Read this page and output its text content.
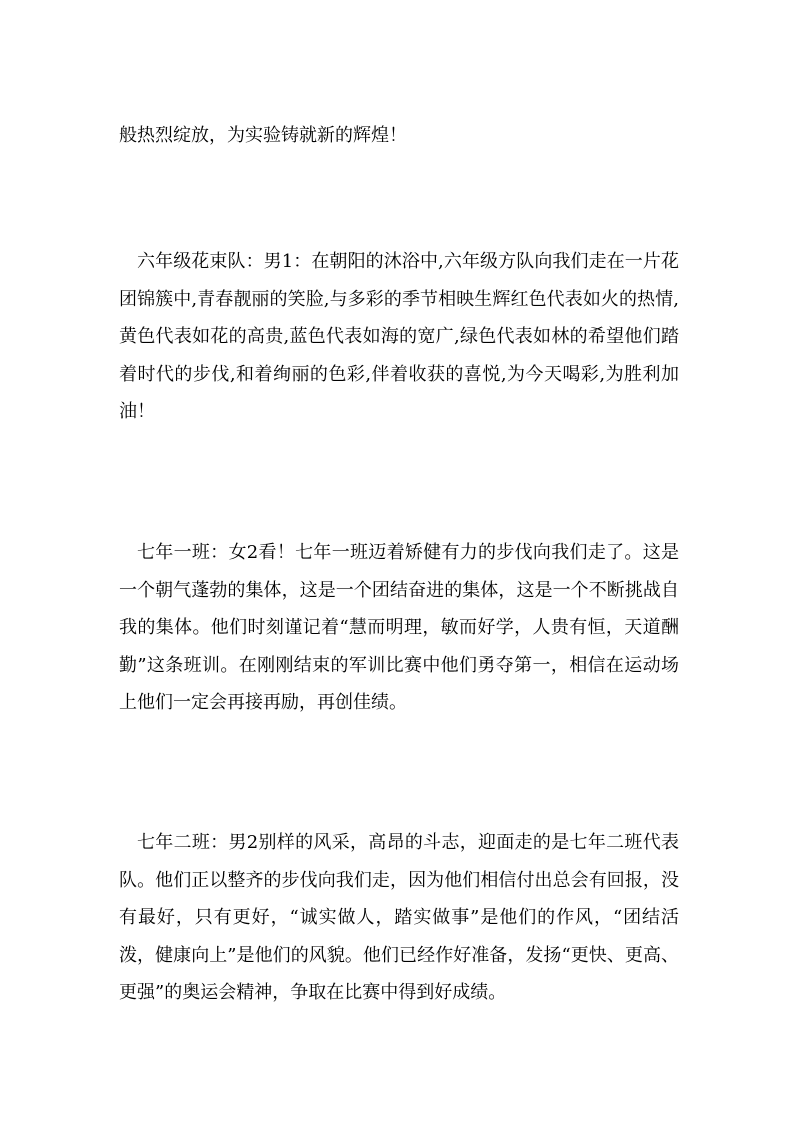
般热烈绽放，为实验铸就新的辉煌！

六年级花束队：男1：在朝阳的沐浴中,六年级方队向我们走在一片花团锦簇中,青春靓丽的笑脸,与多彩的季节相映生辉红色代表如火的热情,黄色代表如花的高贵,蓝色代表如海的宽广,绿色代表如林的希望他们踏着时代的步伐,和着绚丽的色彩,伴着收获的喜悦,为今天喝彩,为胜利加油！

七年一班：女2看！七年一班迈着矫健有力的步伐向我们走了。这是一个朝气蓬勃的集体，这是一个团结奋进的集体，这是一个不断挑战自我的集体。他们时刻谨记着“慧而明理，敏而好学，人贵有恒，天道酬勤”这条班训。在刚刚结束的军训比赛中他们勇夺第一，相信在运动场上他们一定会再接再励，再创佳绩。

七年二班：男2别样的风采，高昂的斗志，迎面走的是七年二班代表队。他们正以整齐的步伐向我们走，因为他们相信付出总会有回报，没有最好，只有更好，“诚实做人，踏实做事”是他们的作风，“团结活泼，健康向上”是他们的风貌。他们已经作好准备，发扬“更快、更高、更强”的奥运会精神，争取在比赛中得到好成绩。
